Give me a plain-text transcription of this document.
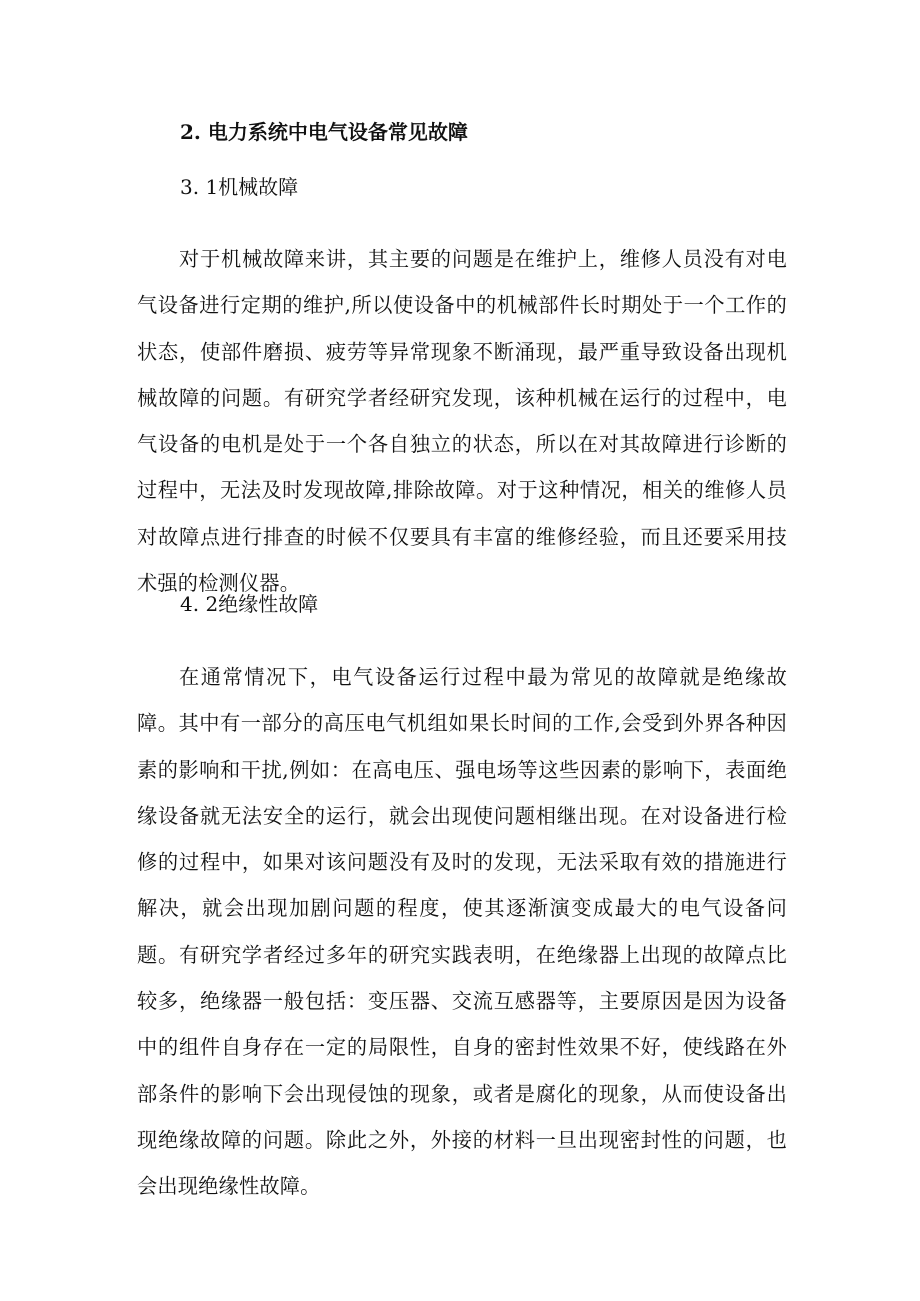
2. 电力系统中电气设备常见故障
3. 1机械故障

对于机械故障来讲，其主要的问题是在维护上，维修人员没有对电气设备进行定期的维护,所以使设备中的机械部件长时期处于一个工作的状态，使部件磨损、疲劳等异常现象不断涌现，最严重导致设备出现机械故障的问题。有研究学者经研究发现，该种机械在运行的过程中，电气设备的电机是处于一个各自独立的状态，所以在对其故障进行诊断的过程中，无法及时发现故障,排除故障。对于这种情况，相关的维修人员对故障点进行排查的时候不仅要具有丰富的维修经验，而且还要采用技术强的检测仪器。

4. 2绝缘性故障

在通常情况下，电气设备运行过程中最为常见的故障就是绝缘故障。其中有一部分的高压电气机组如果长时间的工作,会受到外界各种因素的影响和干扰,例如：在高电压、强电场等这些因素的影响下，表面绝缘设备就无法安全的运行，就会出现使问题相继出现。在对设备进行检修的过程中，如果对该问题没有及时的发现，无法采取有效的措施进行解决，就会出现加剧问题的程度，使其逐渐演变成最大的电气设备问题。有研究学者经过多年的研究实践表明，在绝缘器上出现的故障点比较多，绝缘器一般包括：变压器、交流互感器等，主要原因是因为设备中的组件自身存在一定的局限性，自身的密封性效果不好，使线路在外部条件的影响下会出现侵蚀的现象，或者是腐化的现象，从而使设备出现绝缘故障的问题。除此之外，外接的材料一旦出现密封性的问题，也会出现绝缘性故障。
